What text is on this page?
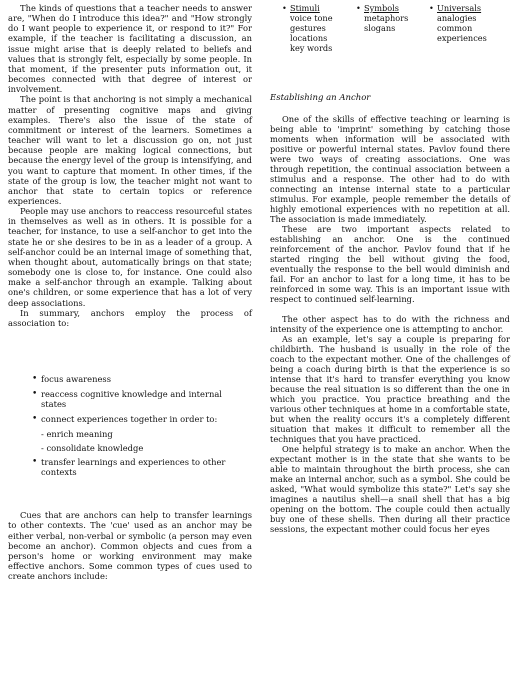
The kinds of questions that a teacher needs to answer are, "When do I introduce this idea?" and "How strongly do I want people to experience it, or respond to it?" For example, if the teacher is facilitating a discussion, an issue might arise that is deeply related to beliefs and values that is strongly felt, especially by some people. In that moment, if the presenter puts information out, it becomes connected with that degree of interest or involvement.

The point is that anchoring is not simply a mechanical matter of presenting cognitive maps and giving examples. There's also the issue of the state of commitment or interest of the learners. Sometimes a teacher will want to let a discussion go on, not just because people are making logical connections, but because the energy level of the group is intensifying, and you want to capture that moment. In other times, if the state of the group is low, the teacher might not want to anchor that state to certain topics or reference experiences.

People may use anchors to reaccess resourceful states in themselves as well as in others. It is possible for a teacher, for instance, to use a self-anchor to get into the state he or she desires to be in as a leader of a group. A self-anchor could be an internal image of something that, when thought about, automatically brings on that state; somebody one is close to, for instance. One could also make a self-anchor through an example. Talking about one's children, or some experience that has a lot of very deep associations.

In summary, anchors employ the process of association to:

• focus awareness
• reaccess cognitive knowledge and internal states
• connect experiences together in order to:
- enrich meaning
- consolidate knowledge
• transfer learnings and experiences to other contexts

Cues that are anchors can help to transfer learnings to other contexts. The 'cue' used as an anchor may be either verbal, non-verbal or symbolic (a person may even become an anchor). Common objects and cues from a person's home or working environment may make effective anchors. Some common types of cues used to create anchors include:

• Stimuli
voice tone
gestures
locations
key words
• Symbols
metaphors
slogans
• Universals
analogies
common
experiences
Establishing an Anchor

One of the skills of effective teaching or learning is being able to 'imprint' something by catching those moments when information will be associated with positive or powerful internal states. Pavlov found there were two ways of creating associations. One was through repetition, the continual association between a stimulus and a response. The other had to do with connecting an intense internal state to a particular stimulus. For example, people remember the details of highly emotional experiences with no repetition at all. The association is made immediately.

These are two important aspects related to establishing an anchor. One is the continued reinforcement of the anchor. Pavlov found that if he started ringing the bell without giving the food, eventually the response to the bell would diminish and fail. For an anchor to last for a long time, it has to be reinforced in some way. This is an important issue with respect to continued self-learning.

The other aspect has to do with the richness and intensity of the experience one is attempting to anchor.

As an example, let's say a couple is preparing for childbirth. The husband is usually in the role of the coach to the expectant mother. One of the challenges of being a coach during birth is that the experience is so intense that it's hard to transfer everything you know because the real situation is so different than the one in which you practice. You practice breathing and the various other techniques at home in a comfortable state, but when the reality occurs it's a completely different situation that makes it difficult to remember all the techniques that you have practiced.

One helpful strategy is to make an anchor. When the expectant mother is in the state that she wants to be able to maintain throughout the birth process, she can make an internal anchor, such as a symbol. She could be asked, "What would symbolize this state?" Let's say she imagines a nautilus shell—a snail shell that has a big opening on the bottom. The couple could then actually buy one of these shells. Then during all their practice sessions, the expectant mother could focus her eyes
